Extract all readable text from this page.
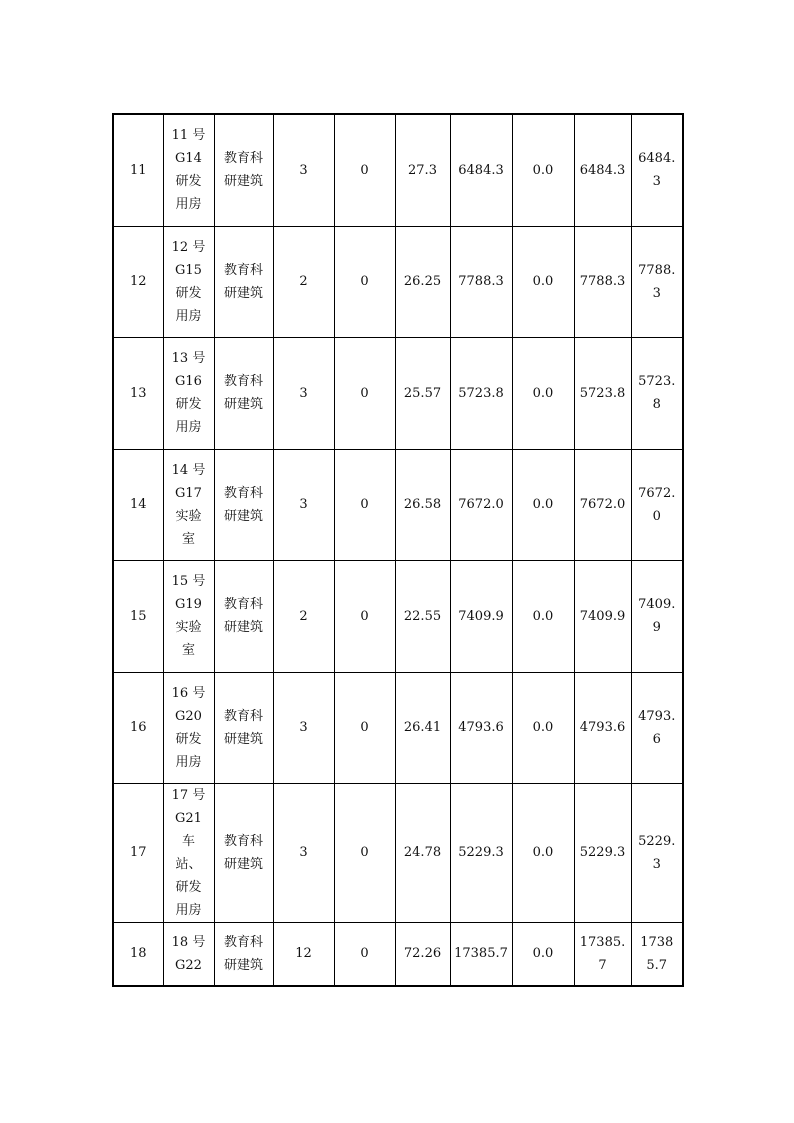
11	11 号 G14 研发用房	教育科研建筑	3	0	27.3	6484.3	0.0	6484.3	6484.3
12	12 号 G15 研发用房	教育科研建筑	2	0	26.25	7788.3	0.0	7788.3	7788.3
13	13 号 G16 研发用房	教育科研建筑	3	0	25.57	5723.8	0.0	5723.8	5723.8
14	14 号 G17 实验室	教育科研建筑	3	0	26.58	7672.0	0.0	7672.0	7672.0
15	15 号 G19 实验室	教育科研建筑	2	0	22.55	7409.9	0.0	7409.9	7409.9
16	16 号 G20 研发用房	教育科研建筑	3	0	26.41	4793.6	0.0	4793.6	4793.6
17	17 号 G21 车站、研发用房	教育科研建筑	3	0	24.78	5229.3	0.0	5229.3	5229.3
18	18 号 G22	教育科研建筑	12	0	72.26	17385.7	0.0	17385.7	17385.7
